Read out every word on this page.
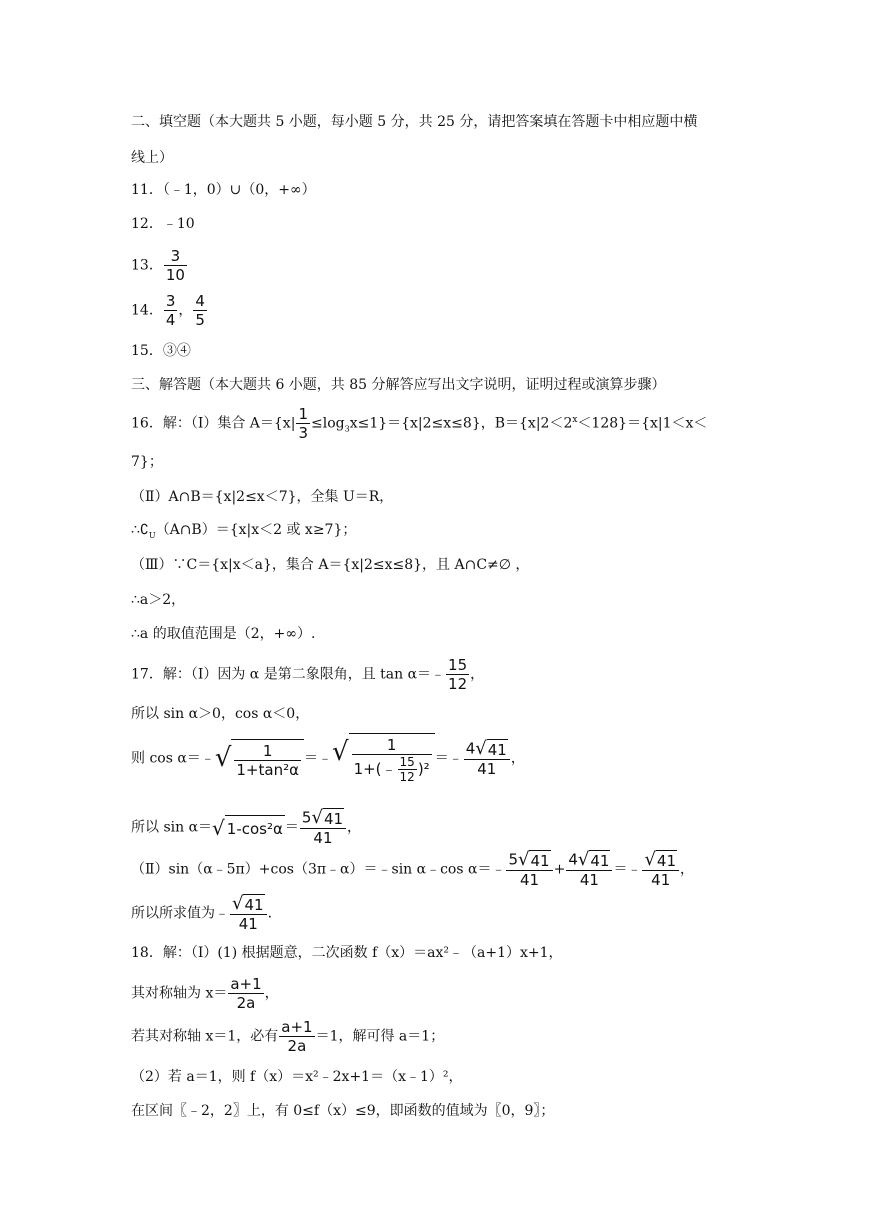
二、填空题（本大题共 5 小题，每小题 5 分，共 25 分，请把答案填在答题卡中相应题中横
线上）
11．（﹣1，0）∪（0，+∞）
12．﹣10
13． $\frac{3}{10}$
14． $\frac{3}{4}$ ， $\frac{4}{5}$
15．③④
三、解答题（本大题共 6 小题，共 85 分解答应写出文字说明，证明过程或演算步骤）
16．解：（Ⅰ）集合 $A=\{x| \frac{1}{3} \le\log_3x\le 1\}=\{x|2\le x\le 8\}$，$B=\{x|2<2^x<128\}=\{x|1<x<$
7}；
（Ⅱ）A∩B＝{x|2≤x＜7}，全集 U＝R，
$\therefore∁_U(A\cap B)=\{x|x<2$ 或 x≥7}；
（Ⅲ）∵C＝{x|x＜a}，集合 A＝{x|2≤x≤8}，且 A∩C≠∅ ，
∴a＞2，
∴a 的取值范围是（2，+∞）.
17．解：（Ⅰ）因为 α 是第二象限角，且 tan α＝﹣ $\frac{15}{12}$ ，
所以 sin α＞0，cos α＜0，
则 cos α＝﹣ √ $\frac{1}{\text{1+tan²α}}$ ＝﹣ √ $\frac{1}{1+(﹣ \frac{15}{12} )^2}$ ＝﹣ $\frac{4 √ 41}{41}$ ，
所以 sin α＝ √ $1-\cos^2\alpha = \frac{5 √ 41}{41}$ ，
（Ⅱ）sin（α﹣5π）+cos（3π﹣α）＝﹣sin α﹣cos α＝﹣ $\frac{5 √ 41}{41} + \frac{4 √ 41}{41}$ ＝﹣ $\frac{√ 41}{41}$ ，
所以所求值为﹣ $\frac{√ 41}{41}$ .
18．解：（Ⅰ）(1) 根据题意，二次函数 f（x）＝ax²﹣（a+1）x+1，
其对称轴为 $x= \frac{a+1}{2a}$ ，
若其对称轴 x＝1，必有 $\frac{a+1}{2a} =1$，解可得 a＝1；
（2）若 a＝1，则 f（x）＝x²﹣2x+1＝（x﹣1）²，
在区间〖﹣2，2〗上，有 0≤f（x）≤9，即函数的值域为〖0，9〗；
